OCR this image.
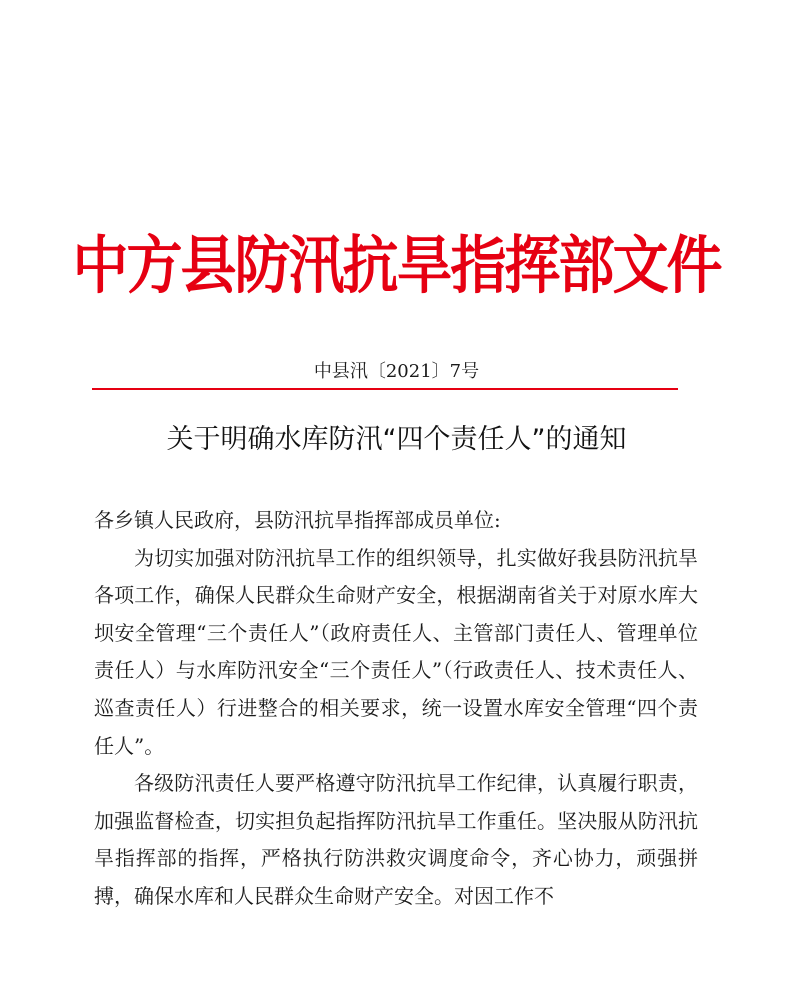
中方县防汛抗旱指挥部文件
中县汛〔2021〕7号
关于明确水库防汛“四个责任人”的通知

各乡镇人民政府，县防汛抗旱指挥部成员单位:

为切实加强对防汛抗旱工作的组织领导，扎实做好我县防汛抗旱各项工作，确保人民群众生命财产安全，根据湖南省关于对原水库大坝安全管理“三个责任人”（政府责任人、主管部门责任人、管理单位责任人）与水库防汛安全“三个责任人”（行政责任人、技术责任人、巡查责任人）行进整合的相关要求，统一设置水库安全管理“四个责任人”。

各级防汛责任人要严格遵守防汛抗旱工作纪律，认真履行职责，加强监督检查，切实担负起指挥防汛抗旱工作重任。坚决服从防汛抗旱指挥部的指挥，严格执行防洪救灾调度命令，齐心协力，顽强拼搏，确保水库和人民群众生命财产安全。对因工作不
